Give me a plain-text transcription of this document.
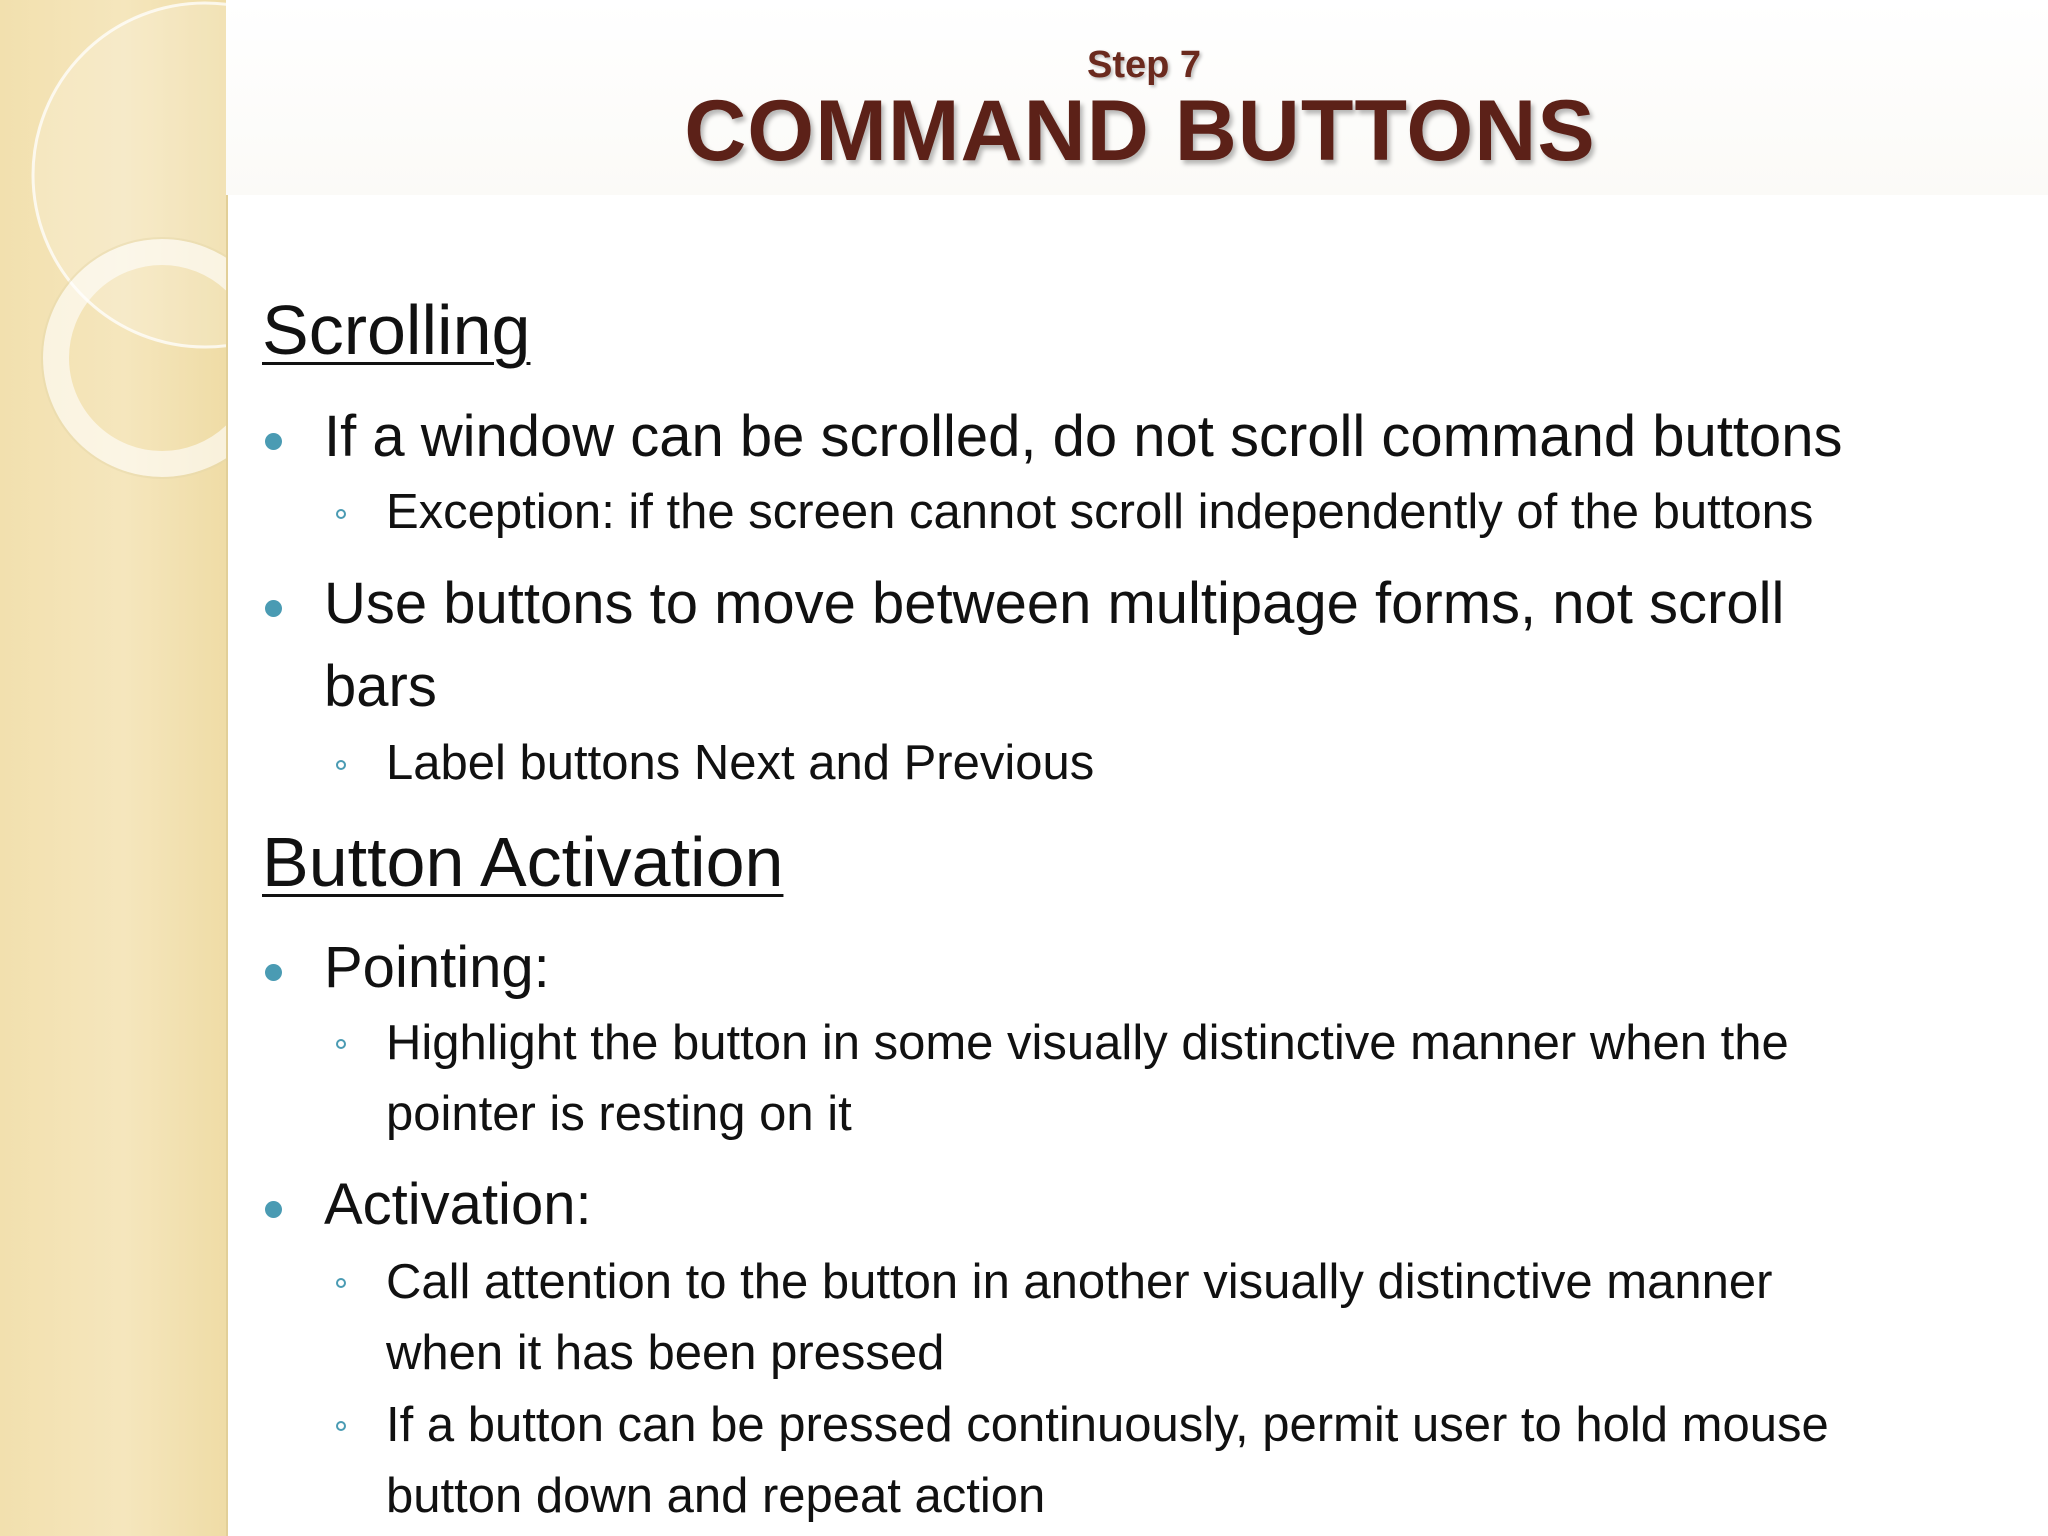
Step 7
COMMAND BUTTONS
Scrolling
If a window can be scrolled, do not scroll command buttons
Exception: if the screen cannot scroll independently of the buttons
Use buttons to move between multipage forms, not scroll
bars
Label buttons Next and Previous
Button Activation
Pointing:
Highlight the button in some visually distinctive manner when the
pointer is resting on it
Activation:
Call attention to the button in another visually distinctive manner
when it has been pressed
If a button can be pressed continuously, permit user to hold mouse
button down and repeat action
